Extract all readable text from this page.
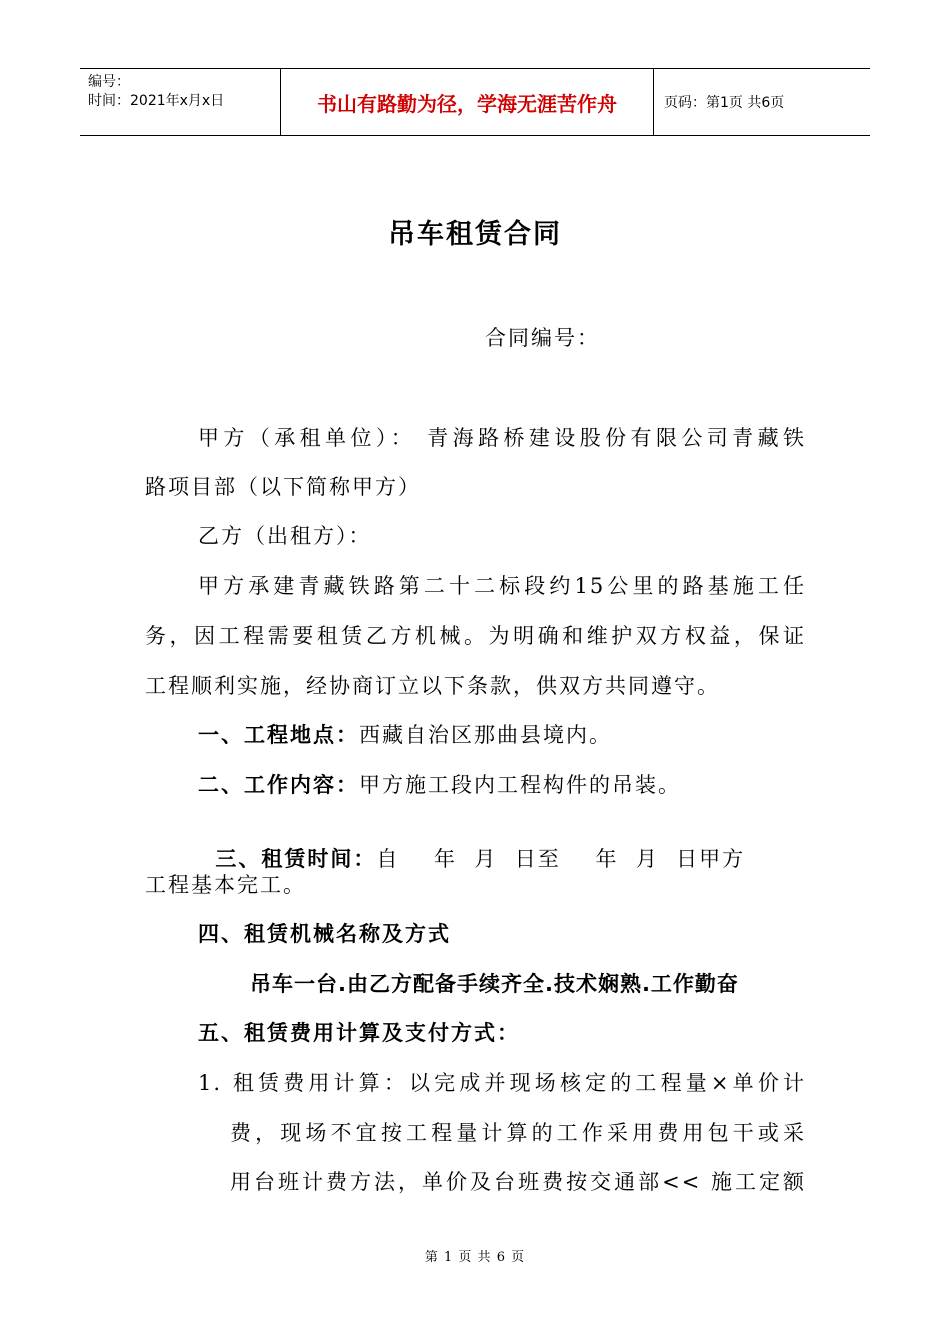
编号：
时间：2021年x月x日	书山有路勤为径，学海无涯苦作舟	页码：第1页 共6页
吊车租赁合同
合同编号：
甲方（承租单位）： 青海路桥建设股份有限公司青藏铁
路项目部（以下简称甲方）
乙方（出租方）：
甲方承建青藏铁路第二十二标段约15公里的路基施工任
务，因工程需要租赁乙方机械。为明确和维护双方权益，保证
工程顺利实施，经协商订立以下条款，供双方共同遵守。
一、工程地点：西藏自治区那曲县境内。
二、工作内容：甲方施工段内工程构件的吊装。

三、租赁时间：自    年  月  日至    年  月  日甲方

工程基本完工。
四、租赁机械名称及方式
吊车一台.由乙方配备手续齐全.技术娴熟.工作勤奋
五、租赁费用计算及支付方式：
1. 租赁费用计算：以完成并现场核定的工程量×单价计
费，现场不宜按工程量计算的工作采用费用包干或采
用台班计费方法，单价及台班费按交通部<< 施工定额
第 1 页 共 6 页
